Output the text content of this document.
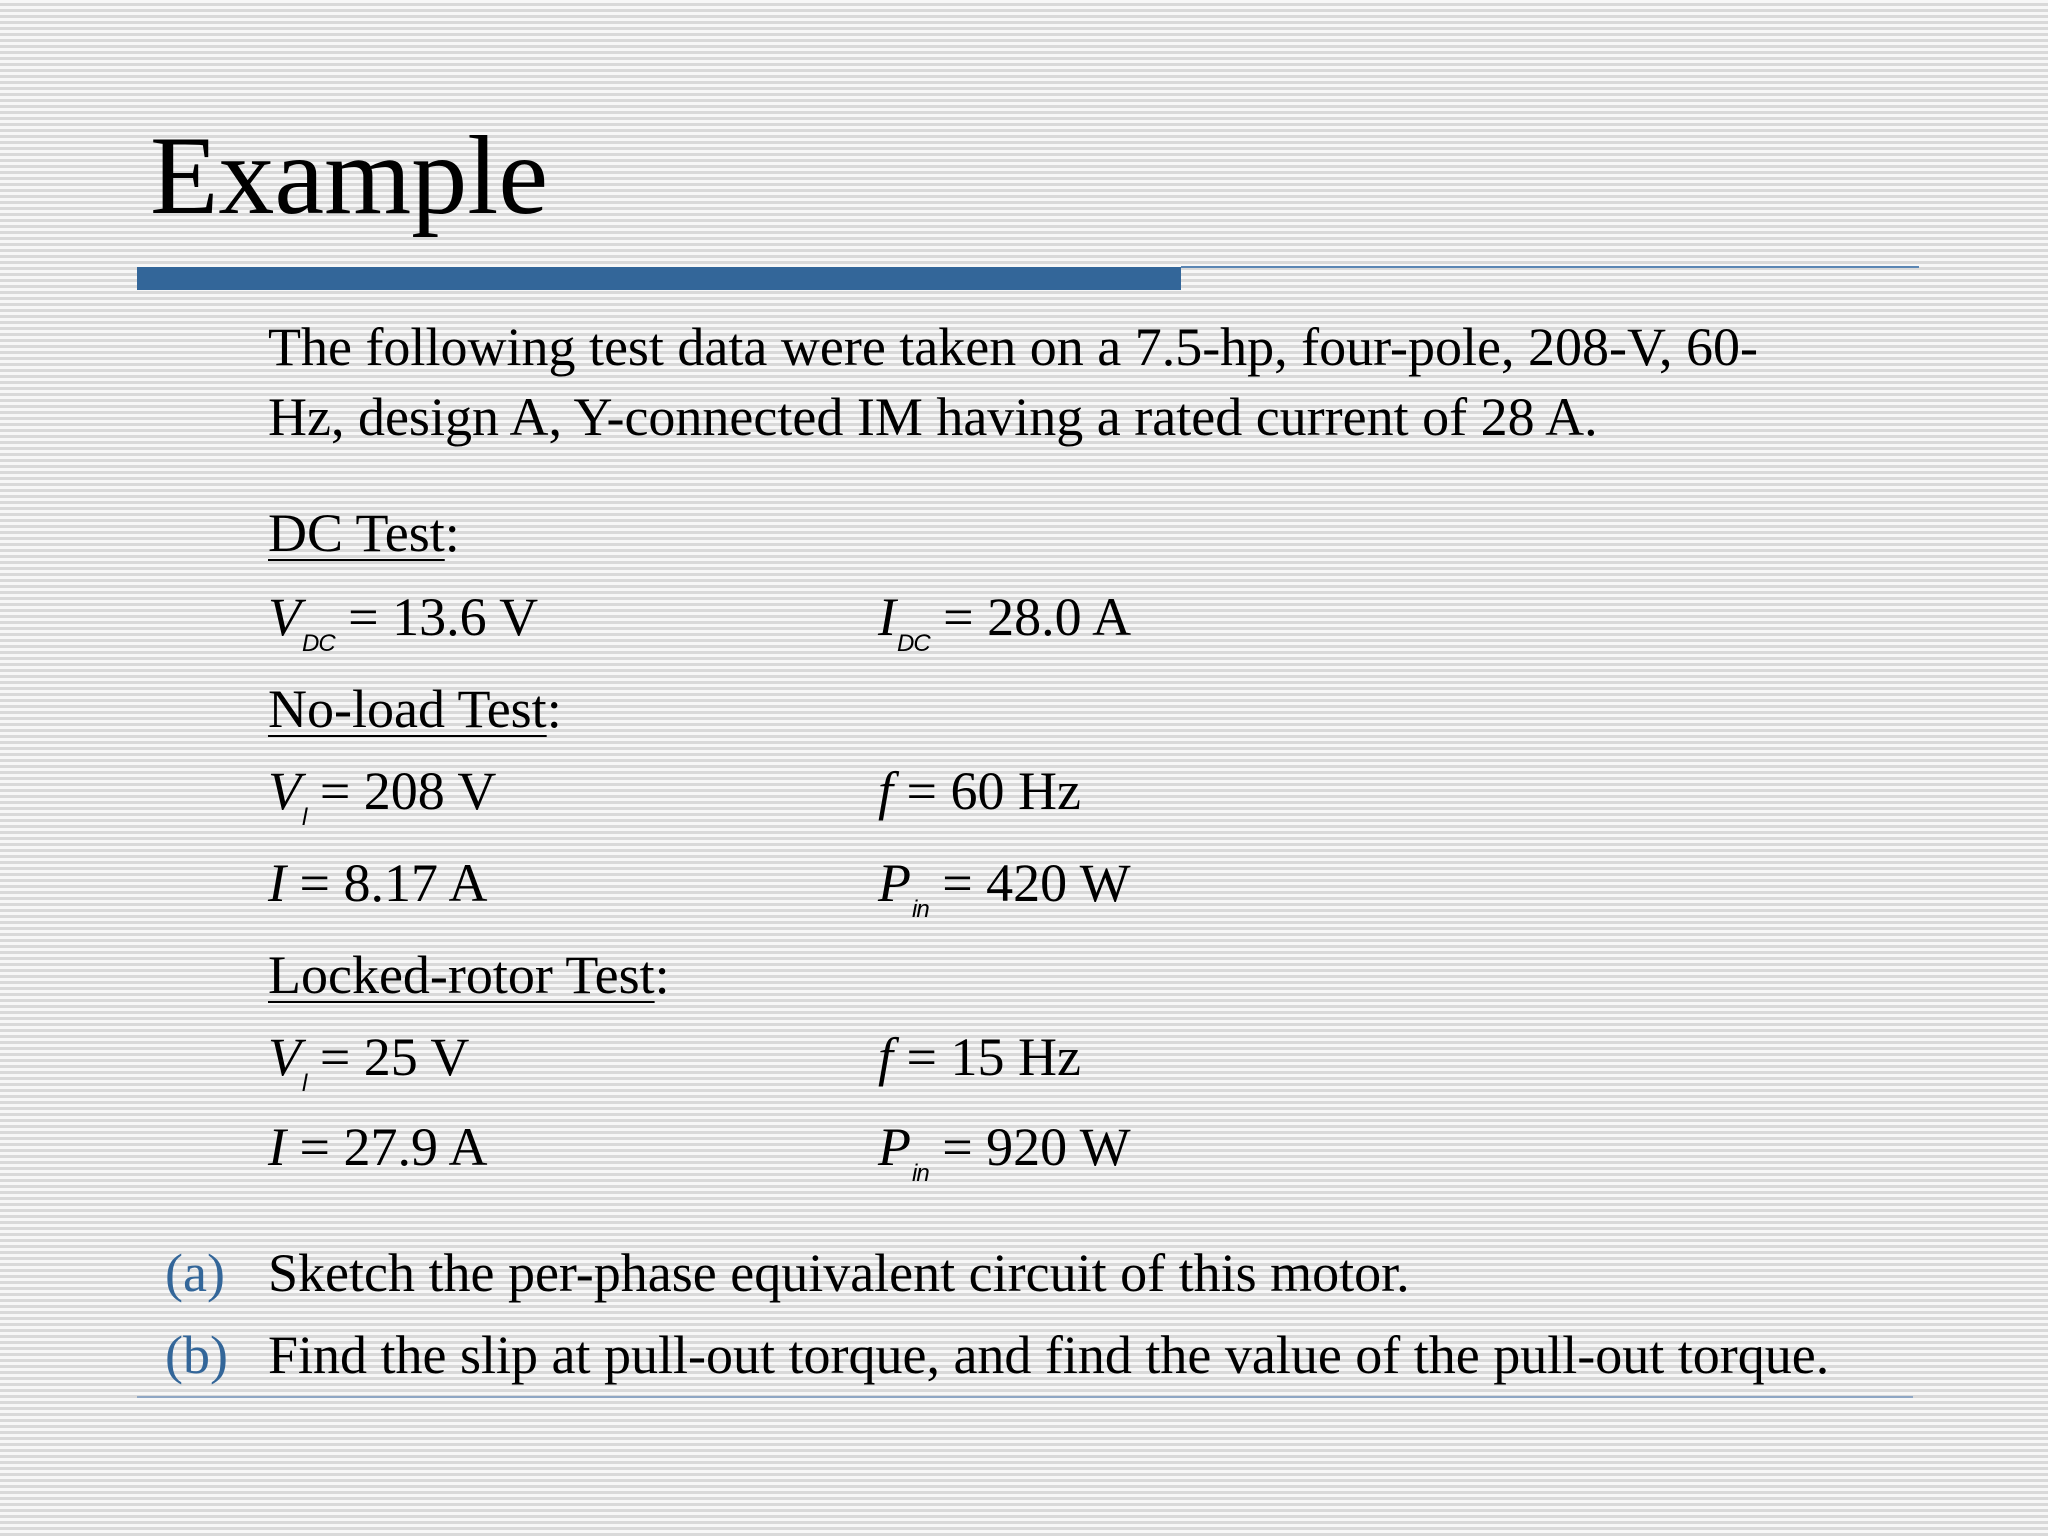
Example
The following test data were taken on a 7.5-hp, four-pole, 208-V, 60-
Hz, design A, Y-connected IM having a rated current of 28 A.
DC Test:
$V_{DC} = 13.6$ V	$I_{DC} = 28.0$ A
No-load Test:
$V_l = 208$ V	f = 60 Hz
I = 8.17 A	$P_{in} = 420$ W
Locked-rotor Test:
$V_l = 25$ V	f = 15 Hz
I = 27.9 A	$P_{in} = 920$ W
(a) Sketch the per-phase equivalent circuit of this motor.
(b) Find the slip at pull-out torque, and find the value of the pull-out torque.
